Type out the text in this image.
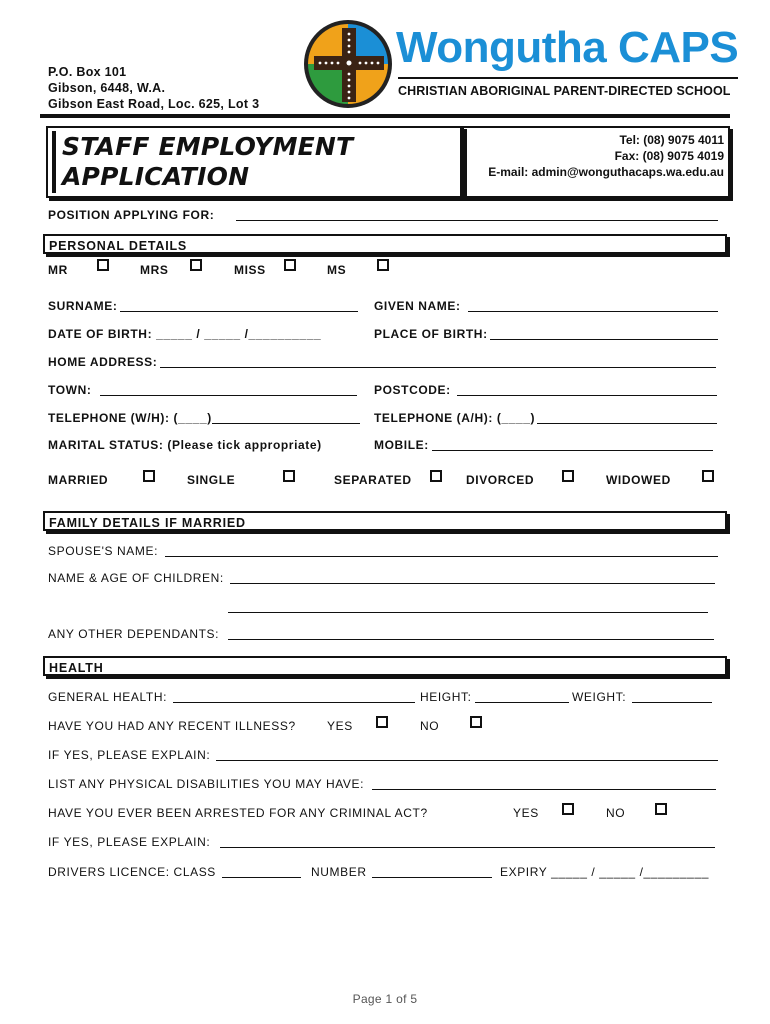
P.O. Box 101
Gibson, 6448, W.A.
Gibson East Road, Loc. 625, Lot 3
Wongutha CAPS
CHRISTIAN ABORIGINAL PARENT-DIRECTED SCHOOL
STAFF EMPLOYMENT
APPLICATION
Tel: (08) 9075 4011
Fax: (08) 9075 4019
E-mail: admin@wonguthacaps.wa.edu.au
POSITION APPLYING FOR:
PERSONAL DETAILS
MR	MRS	MISS	MS
SURNAME:	GIVEN NAME:
DATE OF BIRTH: _____ / _____ /__________	PLACE OF BIRTH:
HOME ADDRESS:
TOWN:	POSTCODE:
TELEPHONE (W/H): (____)	TELEPHONE (A/H): (____)
MARITAL STATUS: (Please tick appropriate)	MOBILE:
MARRIED	SINGLE	SEPARATED	DIVORCED	WIDOWED
FAMILY DETAILS IF MARRIED
SPOUSE'S NAME:
NAME & AGE OF CHILDREN:
ANY OTHER DEPENDANTS:
HEALTH
GENERAL HEALTH:	HEIGHT:	WEIGHT:
HAVE YOU HAD ANY RECENT ILLNESS?	YES	NO
IF YES, PLEASE EXPLAIN:
LIST ANY PHYSICAL DISABILITIES YOU MAY HAVE:
HAVE YOU EVER BEEN ARRESTED FOR ANY CRIMINAL ACT?	YES	NO
IF YES, PLEASE EXPLAIN:
DRIVERS LICENCE: CLASS	NUMBER	EXPIRY _____ / _____ /_________
Page 1 of 5
